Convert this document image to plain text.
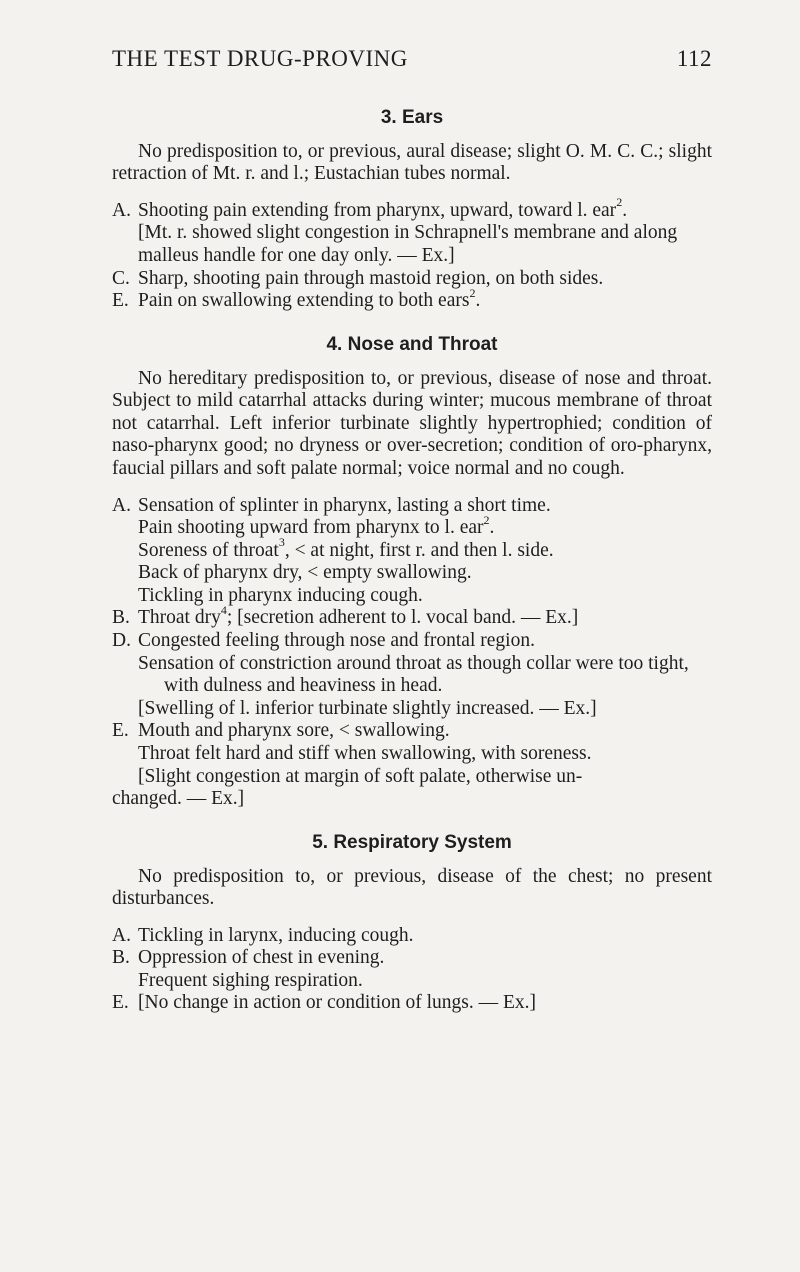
THE TEST DRUG-PROVING	112
3. Ears

No predisposition to, or previous, aural disease; slight O. M. C. C.; slight retraction of Mt. r. and l.; Eustachian tubes normal.

A. Shooting pain extending from pharynx, upward, toward l. ear$^2$.
[Mt. r. showed slight congestion in Schrapnell's membrane and along malleus handle for one day only. — Ex.]
C. Sharp, shooting pain through mastoid region, on both sides.
E. Pain on swallowing extending to both ears$^2$.
4. Nose and Throat

No hereditary predisposition to, or previous, disease of nose and throat. Subject to mild catarrhal attacks during winter; mucous membrane of throat not catarrhal. Left inferior turbinate slightly hypertrophied; condition of naso-pharynx good; no dryness or over-secretion; condition of oro-pharynx, faucial pillars and soft palate normal; voice normal and no cough.

A. Sensation of splinter in pharynx, lasting a short time.
Pain shooting upward from pharynx to l. ear$^2$.
Soreness of throat$^3$, < at night, first r. and then l. side.
Back of pharynx dry, < empty swallowing.
Tickling in pharynx inducing cough.
B. Throat dry$^4$; [secretion adherent to l. vocal band. — Ex.]
D. Congested feeling through nose and frontal region.
Sensation of constriction around throat as though collar were too tight, with dulness and heaviness in head.
[Swelling of l. inferior turbinate slightly increased. — Ex.]
E. Mouth and pharynx sore, < swallowing.
Throat felt hard and stiff when swallowing, with soreness.
[Slight congestion at margin of soft palate, otherwise un-
changed. — Ex.]
5. Respiratory System

No predisposition to, or previous, disease of the chest; no present disturbances.

A. Tickling in larynx, inducing cough.
B. Oppression of chest in evening.
Frequent sighing respiration.
E. [No change in action or condition of lungs. — Ex.]
